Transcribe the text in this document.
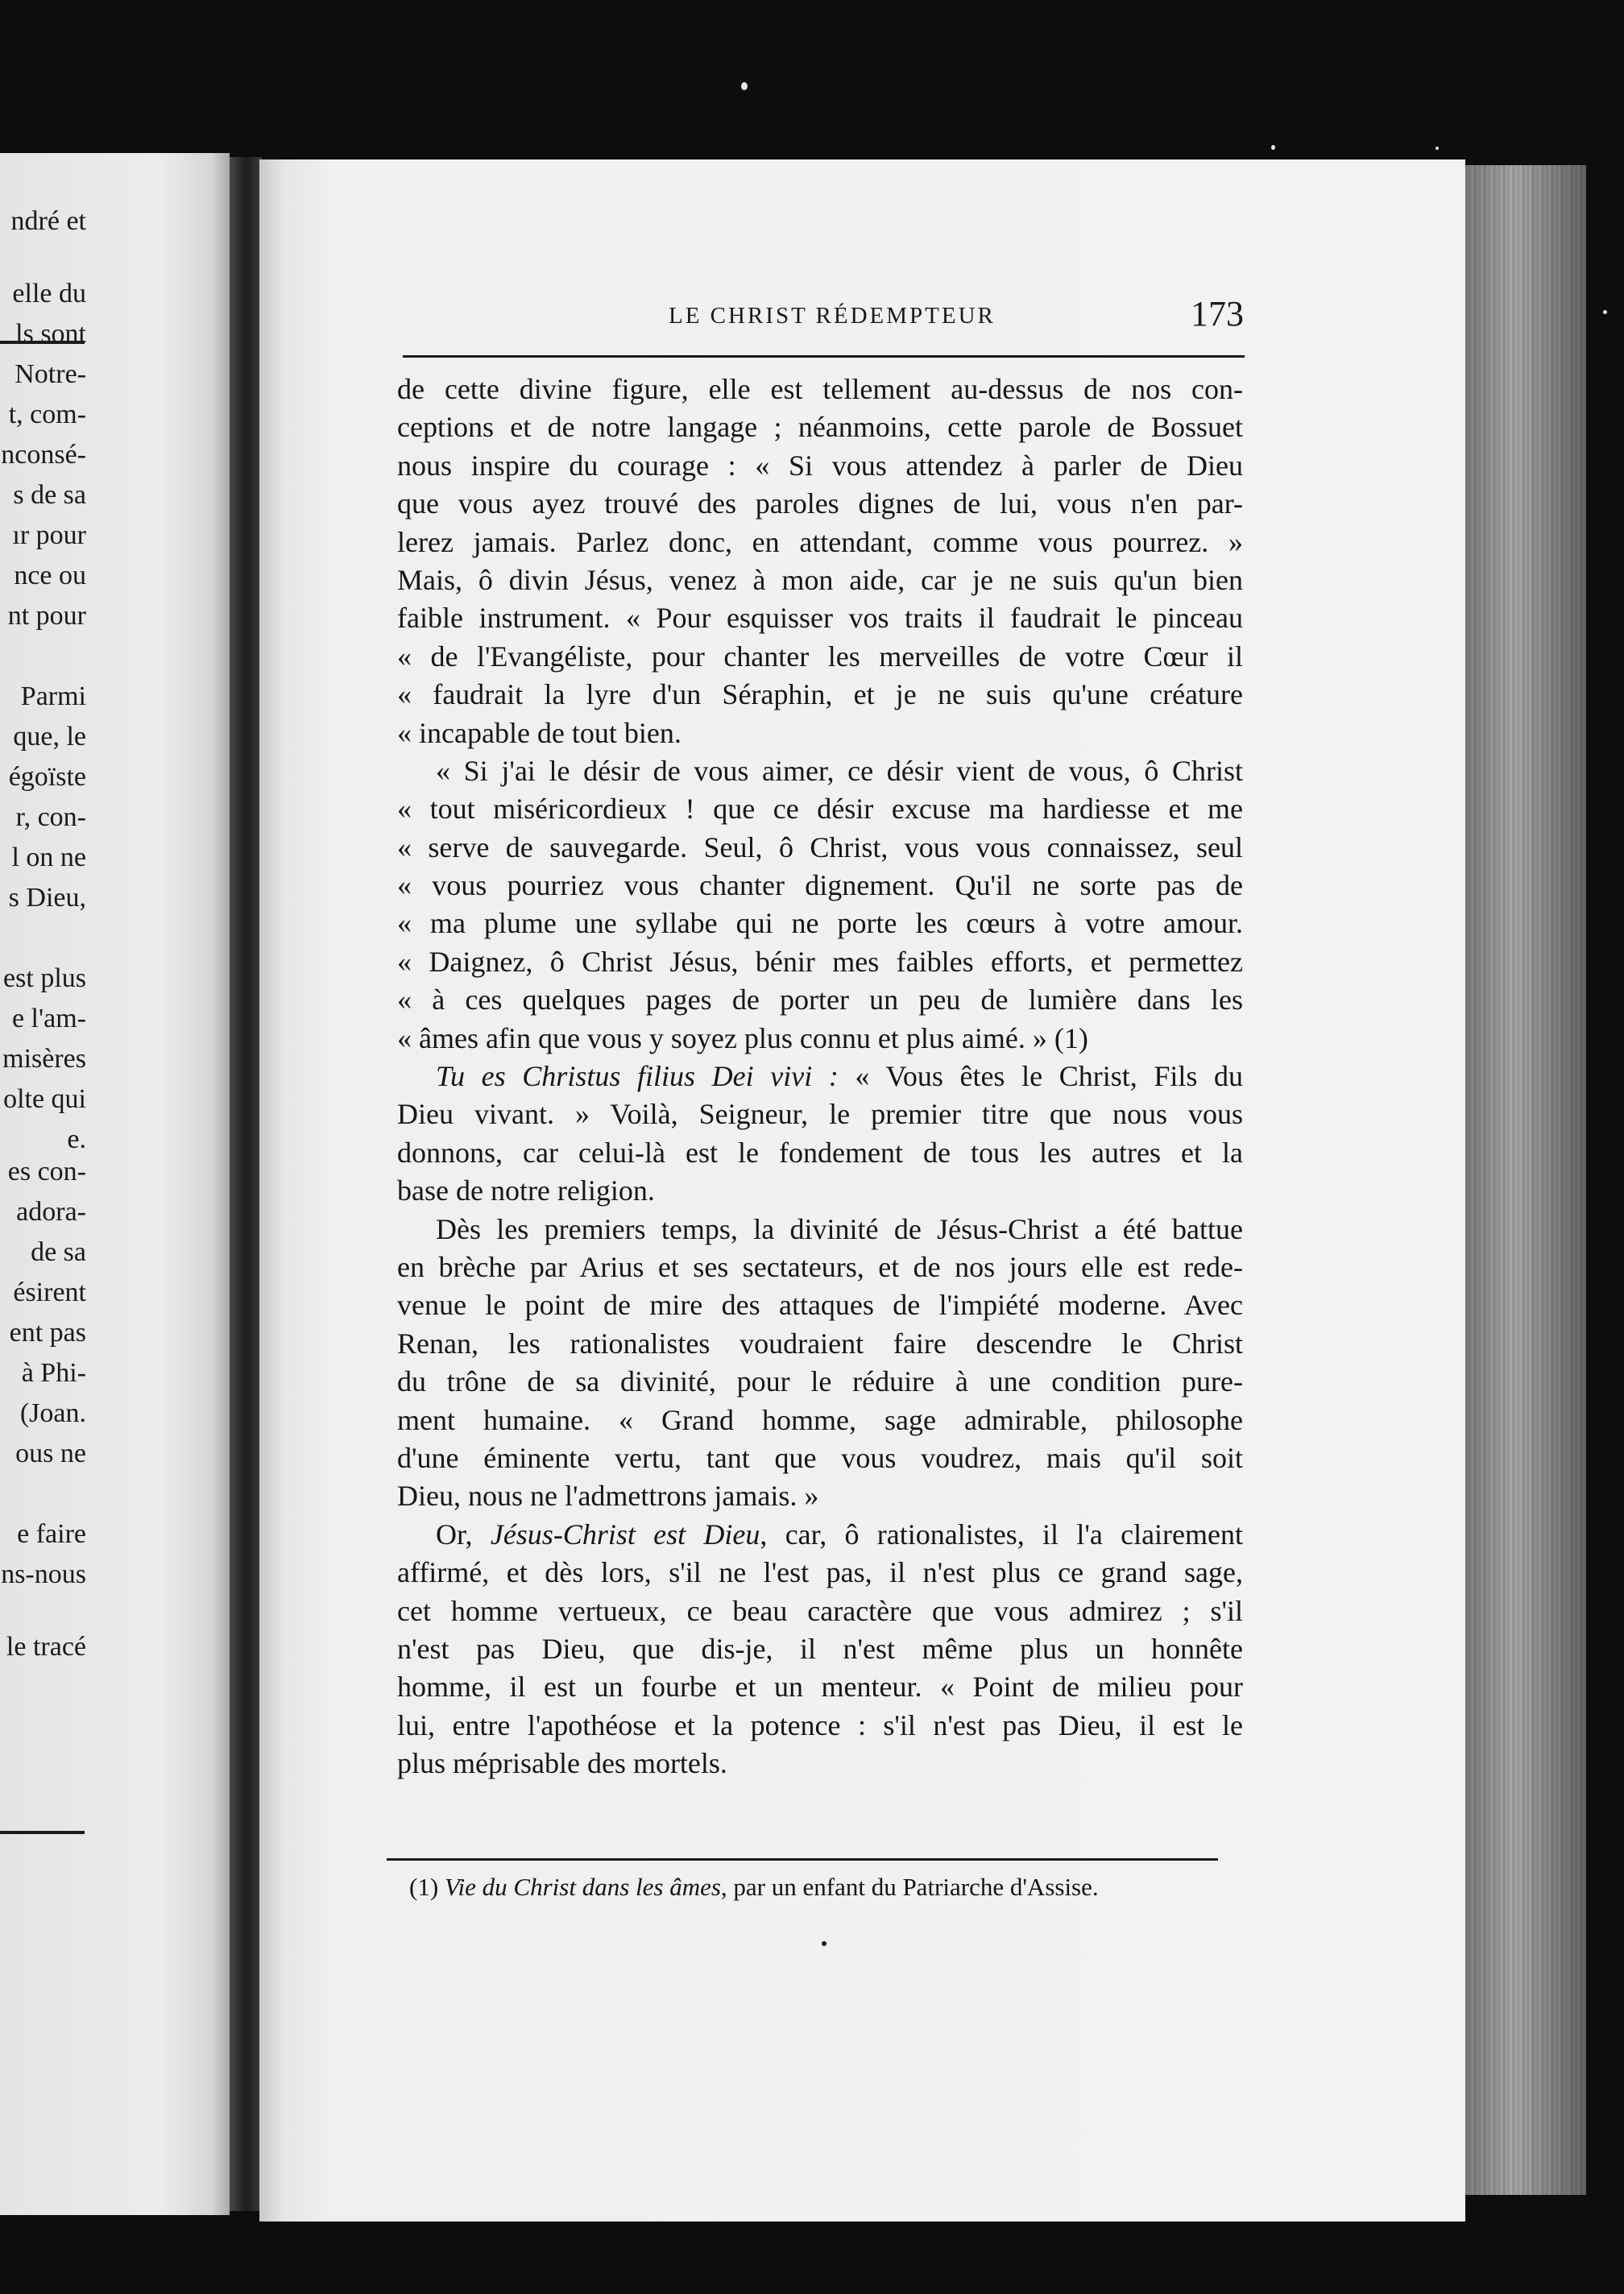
ndré et
elle du
ls sont
Notre-
t, com-
nconsé-
s de sa
ır pour
nce ou
nt pour
Parmi
que, le
égoïste
r, con-
l on ne
s Dieu,
est plus
e l'am-
misères
olte qui
e.
es con-
adora-
de sa
ésirent
ent pas
à Phi-
(Joan.
ous ne
e faire
ns-nous
le tracé
LE CHRIST RÉDEMPTEUR	173
de cette divine figure, elle est tellement au-dessus de nos con-
ceptions et de notre langage ; néanmoins, cette parole de Bossuet
nous inspire du courage : « Si vous attendez à parler de Dieu
que vous ayez trouvé des paroles dignes de lui, vous n'en par-
lerez jamais. Parlez donc, en attendant, comme vous pourrez. »
Mais, ô divin Jésus, venez à mon aide, car je ne suis qu'un bien
faible instrument. « Pour esquisser vos traits il faudrait le pinceau
« de l'Evangéliste, pour chanter les merveilles de votre Cœur il
« faudrait la lyre d'un Séraphin, et je ne suis qu'une créature
« incapable de tout bien.
« Si j'ai le désir de vous aimer, ce désir vient de vous, ô Christ
« tout miséricordieux ! que ce désir excuse ma hardiesse et me
« serve de sauvegarde. Seul, ô Christ, vous vous connaissez, seul
« vous pourriez vous chanter dignement. Qu'il ne sorte pas de
« ma plume une syllabe qui ne porte les cœurs à votre amour.
« Daignez, ô Christ Jésus, bénir mes faibles efforts, et permettez
« à ces quelques pages de porter un peu de lumière dans les
« âmes afin que vous y soyez plus connu et plus aimé. » (1)
Tu es Christus filius Dei vivi : « Vous êtes le Christ, Fils du
Dieu vivant. » Voilà, Seigneur, le premier titre que nous vous
donnons, car celui-là est le fondement de tous les autres et la
base de notre religion.
Dès les premiers temps, la divinité de Jésus-Christ a été battue
en brèche par Arius et ses sectateurs, et de nos jours elle est rede-
venue le point de mire des attaques de l'impiété moderne. Avec
Renan, les rationalistes voudraient faire descendre le Christ
du trône de sa divinité, pour le réduire à une condition pure-
ment humaine. « Grand homme, sage admirable, philosophe
d'une éminente vertu, tant que vous voudrez, mais qu'il soit
Dieu, nous ne l'admettrons jamais. »
Or, Jésus-Christ est Dieu, car, ô rationalistes, il l'a clairement
affirmé, et dès lors, s'il ne l'est pas, il n'est plus ce grand sage,
cet homme vertueux, ce beau caractère que vous admirez ; s'il
n'est pas Dieu, que dis-je, il n'est même plus un honnête
homme, il est un fourbe et un menteur. « Point de milieu pour
lui, entre l'apothéose et la potence : s'il n'est pas Dieu, il est le
plus méprisable des mortels.
(1) Vie du Christ dans les âmes, par un enfant du Patriarche d'Assise.
